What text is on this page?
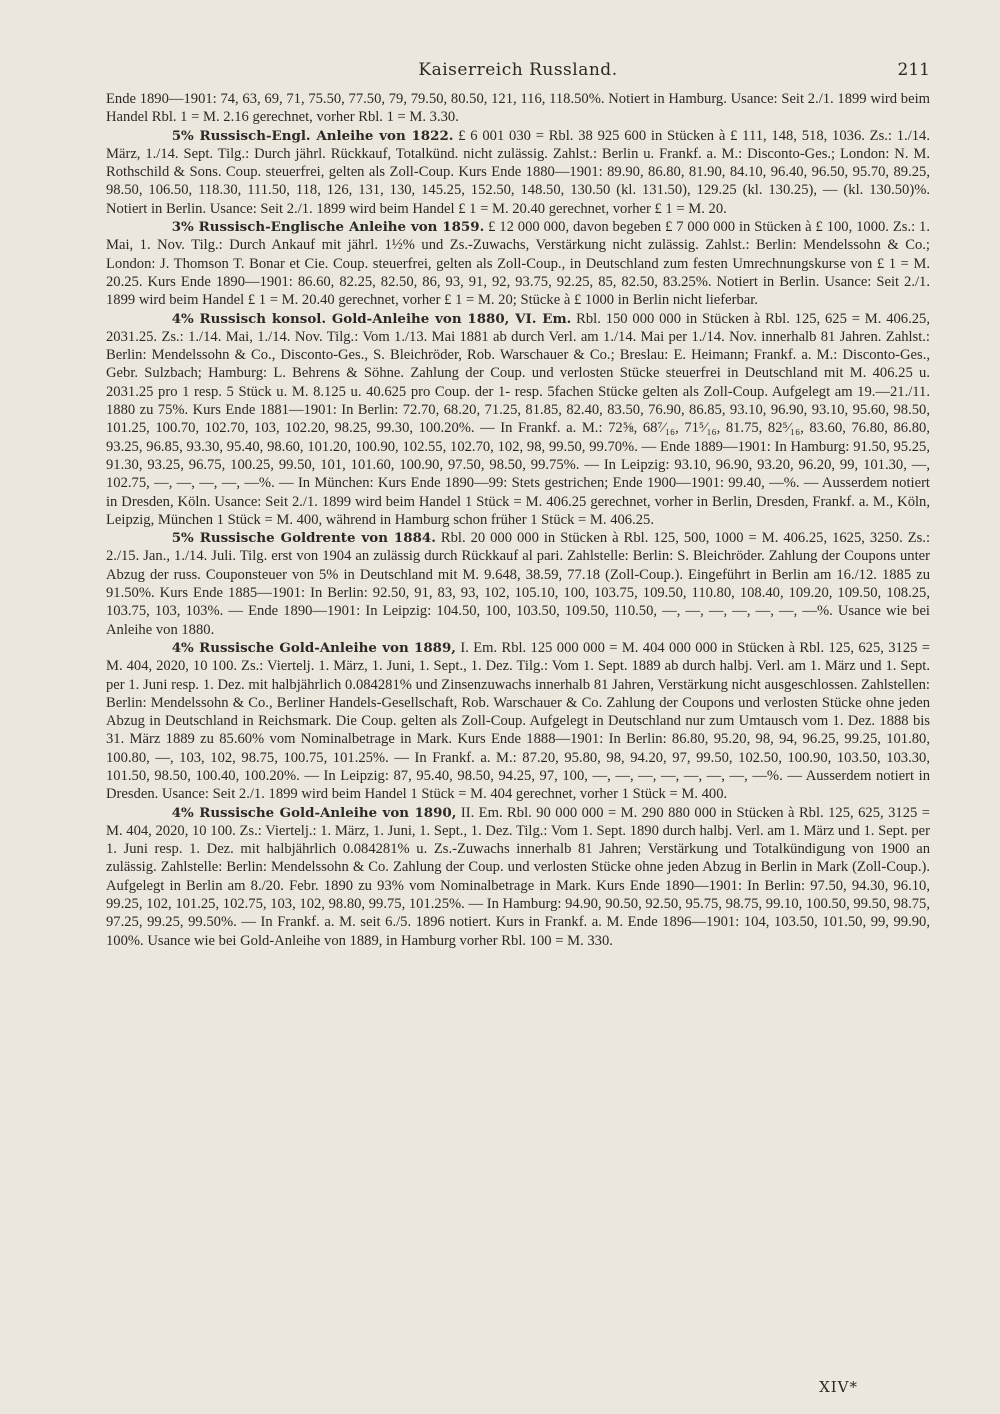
Kaiserreich Russland.	211

Ende 1890—1901: 74, 63, 69, 71, 75.50, 77.50, 79, 79.50, 80.50, 121, 116, 118.50%. Notiert in Hamburg. Usance: Seit 2./1. 1899 wird beim Handel Rbl. 1 = M. 2.16 gerechnet, vorher Rbl. 1 = M. 3.30.

5% Russisch-Engl. Anleihe von 1822. £ 6 001 030 = Rbl. 38 925 600 in Stücken à £ 111, 148, 518, 1036. Zs.: 1./14. März, 1./14. Sept. Tilg.: Durch jährl. Rückkauf, Totalkünd. nicht zulässig. Zahlst.: Berlin u. Frankf. a. M.: Disconto-Ges.; London: N. M. Rothschild & Sons. Coup. steuerfrei, gelten als Zoll-Coup. Kurs Ende 1880—1901: 89.90, 86.80, 81.90, 84.10, 96.40, 96.50, 95.70, 89.25, 98.50, 106.50, 118.30, 111.50, 118, 126, 131, 130, 145.25, 152.50, 148.50, 130.50 (kl. 131.50), 129.25 (kl. 130.25), — (kl. 130.50)%. Notiert in Berlin. Usance: Seit 2./1. 1899 wird beim Handel £ 1 = M. 20.40 gerechnet, vorher £ 1 = M. 20.

3% Russisch-Englische Anleihe von 1859. £ 12 000 000, davon begeben £ 7 000 000 in Stücken à £ 100, 1000. Zs.: 1. Mai, 1. Nov. Tilg.: Durch Ankauf mit jährl. 1½% und Zs.-Zuwachs, Verstärkung nicht zulässig. Zahlst.: Berlin: Mendelssohn & Co.; London: J. Thomson T. Bonar et Cie. Coup. steuerfrei, gelten als Zoll-Coup., in Deutschland zum festen Umrechnungskurse von £ 1 = M. 20.25. Kurs Ende 1890—1901: 86.60, 82.25, 82.50, 86, 93, 91, 92, 93.75, 92.25, 85, 82.50, 83.25%. Notiert in Berlin. Usance: Seit 2./1. 1899 wird beim Handel £ 1 = M. 20.40 gerechnet, vorher £ 1 = M. 20; Stücke à £ 1000 in Berlin nicht lieferbar.

4% Russisch konsol. Gold-Anleihe von 1880, VI. Em. Rbl. 150 000 000 in Stücken à Rbl. 125, 625 = M. 406.25, 2031.25. Zs.: 1./14. Mai, 1./14. Nov. Tilg.: Vom 1./13. Mai 1881 ab durch Verl. am 1./14. Mai per 1./14. Nov. innerhalb 81 Jahren. Zahlst.: Berlin: Mendelssohn & Co., Disconto-Ges., S. Bleichröder, Rob. Warschauer & Co.; Breslau: E. Heimann; Frankf. a. M.: Disconto-Ges., Gebr. Sulzbach; Hamburg: L. Behrens & Söhne. Zahlung der Coup. und verlosten Stücke steuerfrei in Deutschland mit M. 406.25 u. 2031.25 pro 1 resp. 5 Stück u. M. 8.125 u. 40.625 pro Coup. der 1- resp. 5fachen Stücke gelten als Zoll-Coup. Aufgelegt am 19.—21./11. 1880 zu 75%. Kurs Ende 1881—1901: In Berlin: 72.70, 68.20, 71.25, 81.85, 82.40, 83.50, 76.90, 86.85, 93.10, 96.90, 93.10, 95.60, 98.50, 101.25, 100.70, 102.70, 103, 102.20, 98.25, 99.30, 100.20%. — In Frankf. a. M.: 72⅝, 68⁷⁄₁₆, 71⁵⁄₁₆, 81.75, 82⁵⁄₁₆, 83.60, 76.80, 86.80, 93.25, 96.85, 93.30, 95.40, 98.60, 101.20, 100.90, 102.55, 102.70, 102, 98, 99.50, 99.70%. — Ende 1889—1901: In Hamburg: 91.50, 95.25, 91.30, 93.25, 96.75, 100.25, 99.50, 101, 101.60, 100.90, 97.50, 98.50, 99.75%. — In Leipzig: 93.10, 96.90, 93.20, 96.20, 99, 101.30, —, 102.75, —, —, —, —, —%. — In München: Kurs Ende 1890—99: Stets gestrichen; Ende 1900—1901: 99.40, —%. — Ausserdem notiert in Dresden, Köln. Usance: Seit 2./1. 1899 wird beim Handel 1 Stück = M. 406.25 gerechnet, vorher in Berlin, Dresden, Frankf. a. M., Köln, Leipzig, München 1 Stück = M. 400, während in Hamburg schon früher 1 Stück = M. 406.25.

5% Russische Goldrente von 1884. Rbl. 20 000 000 in Stücken à Rbl. 125, 500, 1000 = M. 406.25, 1625, 3250. Zs.: 2./15. Jan., 1./14. Juli. Tilg. erst von 1904 an zulässig durch Rückkauf al pari. Zahlstelle: Berlin: S. Bleichröder. Zahlung der Coupons unter Abzug der russ. Couponsteuer von 5% in Deutschland mit M. 9.648, 38.59, 77.18 (Zoll-Coup.). Eingeführt in Berlin am 16./12. 1885 zu 91.50%. Kurs Ende 1885—1901: In Berlin: 92.50, 91, 83, 93, 102, 105.10, 100, 103.75, 109.50, 110.80, 108.40, 109.20, 109.50, 108.25, 103.75, 103, 103%. — Ende 1890—1901: In Leipzig: 104.50, 100, 103.50, 109.50, 110.50, —, —, —, —, —, —, —%. Usance wie bei Anleihe von 1880.

4% Russische Gold-Anleihe von 1889, I. Em. Rbl. 125 000 000 = M. 404 000 000 in Stücken à Rbl. 125, 625, 3125 = M. 404, 2020, 10 100. Zs.: Viertelj. 1. März, 1. Juni, 1. Sept., 1. Dez. Tilg.: Vom 1. Sept. 1889 ab durch halbj. Verl. am 1. März und 1. Sept. per 1. Juni resp. 1. Dez. mit halbjährlich 0.084281% und Zinsenzuwachs innerhalb 81 Jahren, Verstärkung nicht ausgeschlossen. Zahlstellen: Berlin: Mendelssohn & Co., Berliner Handels-Gesellschaft, Rob. Warschauer & Co. Zahlung der Coupons und verlosten Stücke ohne jeden Abzug in Deutschland in Reichsmark. Die Coup. gelten als Zoll-Coup. Aufgelegt in Deutschland nur zum Umtausch vom 1. Dez. 1888 bis 31. März 1889 zu 85.60% vom Nominalbetrage in Mark. Kurs Ende 1888—1901: In Berlin: 86.80, 95.20, 98, 94, 96.25, 99.25, 101.80, 100.80, —, 103, 102, 98.75, 100.75, 101.25%. — In Frankf. a. M.: 87.20, 95.80, 98, 94.20, 97, 99.50, 102.50, 100.90, 103.50, 103.30, 101.50, 98.50, 100.40, 100.20%. — In Leipzig: 87, 95.40, 98.50, 94.25, 97, 100, —, —, —, —, —, —, —, —%. — Ausserdem notiert in Dresden. Usance: Seit 2./1. 1899 wird beim Handel 1 Stück = M. 404 gerechnet, vorher 1 Stück = M. 400.

4% Russische Gold-Anleihe von 1890, II. Em. Rbl. 90 000 000 = M. 290 880 000 in Stücken à Rbl. 125, 625, 3125 = M. 404, 2020, 10 100. Zs.: Viertelj.: 1. März, 1. Juni, 1. Sept., 1. Dez. Tilg.: Vom 1. Sept. 1890 durch halbj. Verl. am 1. März und 1. Sept. per 1. Juni resp. 1. Dez. mit halbjährlich 0.084281% u. Zs.-Zuwachs innerhalb 81 Jahren; Verstärkung und Totalkündigung von 1900 an zulässig. Zahlstelle: Berlin: Mendelssohn & Co. Zahlung der Coup. und verlosten Stücke ohne jeden Abzug in Berlin in Mark (Zoll-Coup.). Aufgelegt in Berlin am 8./20. Febr. 1890 zu 93% vom Nominalbetrage in Mark. Kurs Ende 1890—1901: In Berlin: 97.50, 94.30, 96.10, 99.25, 102, 101.25, 102.75, 103, 102, 98.80, 99.75, 101.25%. — In Hamburg: 94.90, 90.50, 92.50, 95.75, 98.75, 99.10, 100.50, 99.50, 98.75, 97.25, 99.25, 99.50%. — In Frankf. a. M. seit 6./5. 1896 notiert. Kurs in Frankf. a. M. Ende 1896—1901: 104, 103.50, 101.50, 99, 99.90, 100%. Usance wie bei Gold-Anleihe von 1889, in Hamburg vorher Rbl. 100 = M. 330.

XIV*
